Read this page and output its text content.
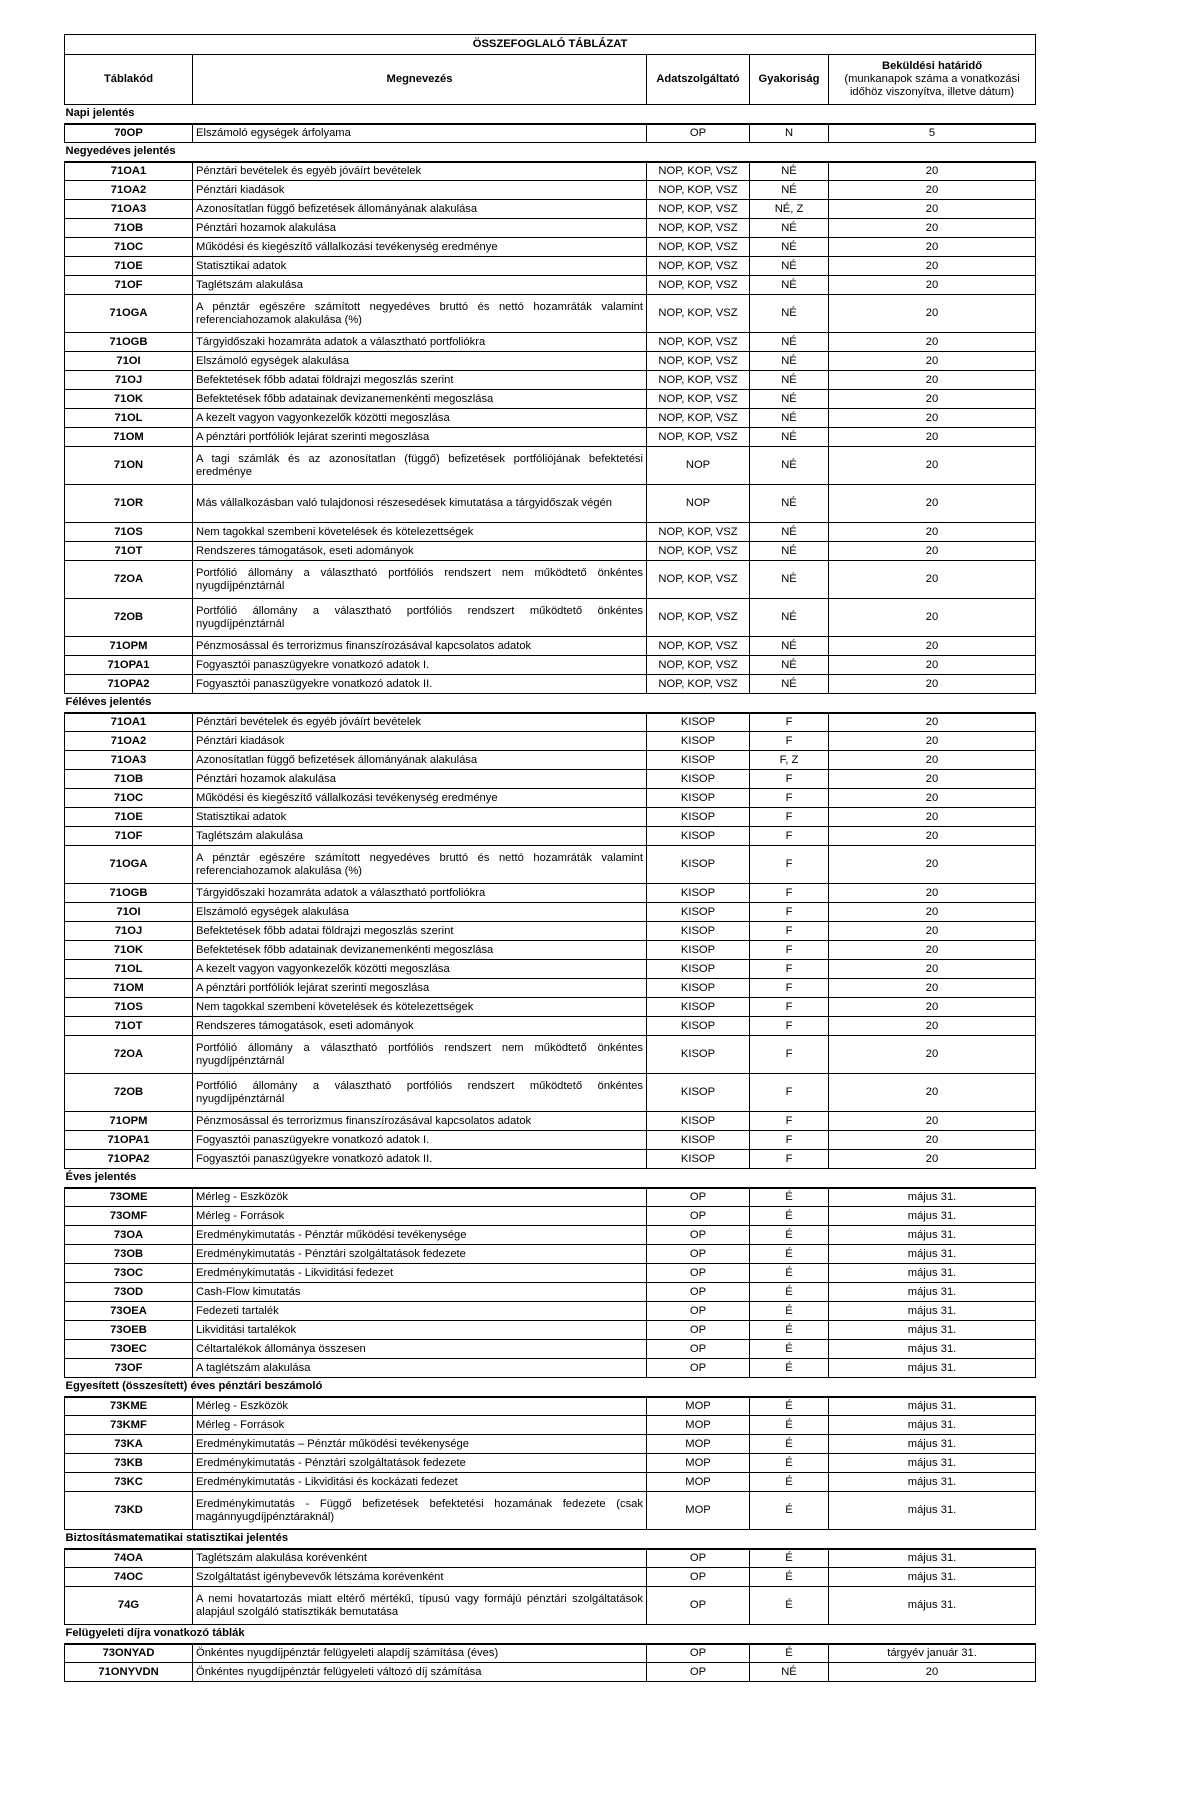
ÖSSZEFOGLALÓ TÁBLÁZAT				
Táblakód	Megnevezés	Adatszolgáltató	Gyakoriság	Beküldési határidő
(munkanapok száma a vonatkozási időhöz viszonyítva, illetve dátum)

Napi jelentés				
70OP	Elszámoló egységek árfolyama	OP	N	5
Negyedéves jelentés				
71OA1	Pénztári bevételek és egyéb jóváírt bevételek	NOP, KOP, VSZ	NÉ	20
71OA2	Pénztári kiadások	NOP, KOP, VSZ	NÉ	20
71OA3	Azonosítatlan függő befizetések állományának alakulása	NOP, KOP, VSZ	NÉ, Z	20
71OB	Pénztári hozamok alakulása	NOP, KOP, VSZ	NÉ	20
71OC	Működési és kiegészítő vállalkozási tevékenység eredménye	NOP, KOP, VSZ	NÉ	20
71OE	Statisztikai adatok	NOP, KOP, VSZ	NÉ	20
71OF	Taglétszám alakulása	NOP, KOP, VSZ	NÉ	20
71OGA	A pénztár egészére számított negyedéves bruttó és nettó hozamráták valamint referenciahozamok alakulása (%)	NOP, KOP, VSZ	NÉ	20
71OGB	Tárgyidőszaki hozamráta adatok a választható portfoliókra	NOP, KOP, VSZ	NÉ	20
71OI	Elszámoló egységek alakulása	NOP, KOP, VSZ	NÉ	20
71OJ	Befektetések főbb adatai földrajzi megoszlás szerint	NOP, KOP, VSZ	NÉ	20
71OK	Befektetések főbb adatainak devizanemenkénti megoszlása	NOP, KOP, VSZ	NÉ	20
71OL	A kezelt vagyon vagyonkezelők közötti megoszlása	NOP, KOP, VSZ	NÉ	20
71OM	A pénztári portfóliók lejárat szerinti megoszlása	NOP, KOP, VSZ	NÉ	20
71ON	A tagi számlák és az azonosítatlan (függő) befizetések portfóliójának befektetési eredménye	NOP	NÉ	20
71OR	Más vállalkozásban való tulajdonosi részesedések kimutatása a tárgyidőszak végén	NOP	NÉ	20
71OS	Nem tagokkal szembeni követelések és kötelezettségek	NOP, KOP, VSZ	NÉ	20
71OT	Rendszeres támogatások, eseti adományok	NOP, KOP, VSZ	NÉ	20
72OA	Portfólió állomány a választható portfóliós rendszert nem működtető önkéntes nyugdíjpénztárnál	NOP, KOP, VSZ	NÉ	20
72OB	Portfólió állomány a választható portfóliós rendszert működtető önkéntes nyugdíjpénztárnál	NOP, KOP, VSZ	NÉ	20
71OPM	Pénzmosással és terrorizmus finanszírozásával kapcsolatos adatok	NOP, KOP, VSZ	NÉ	20
71OPA1	Fogyasztói panaszügyekre vonatkozó adatok I.	NOP, KOP, VSZ	NÉ	20
71OPA2	Fogyasztói panaszügyekre vonatkozó adatok II.	NOP, KOP, VSZ	NÉ	20
Féléves jelentés				
71OA1	Pénztári bevételek és egyéb jóváírt bevételek	KISOP	F	20
71OA2	Pénztári kiadások	KISOP	F	20
71OA3	Azonosítatlan függő befizetések állományának alakulása	KISOP	F, Z	20
71OB	Pénztári hozamok alakulása	KISOP	F	20
71OC	Működési és kiegészítő vállalkozási tevékenység eredménye	KISOP	F	20
71OE	Statisztikai adatok	KISOP	F	20
71OF	Taglétszám alakulása	KISOP	F	20
71OGA	A pénztár egészére számított negyedéves bruttó és nettó hozamráták valamint referenciahozamok alakulása (%)	KISOP	F	20
71OGB	Tárgyidőszaki hozamráta adatok a választható portfoliókra	KISOP	F	20
71OI	Elszámoló egységek alakulása	KISOP	F	20
71OJ	Befektetések főbb adatai földrajzi megoszlás szerint	KISOP	F	20
71OK	Befektetések főbb adatainak devizanemenkénti megoszlása	KISOP	F	20
71OL	A kezelt vagyon vagyonkezelők közötti megoszlása	KISOP	F	20
71OM	A pénztári portfóliók lejárat szerinti megoszlása	KISOP	F	20
71OS	Nem tagokkal szembeni követelések és kötelezettségek	KISOP	F	20
71OT	Rendszeres támogatások, eseti adományok	KISOP	F	20
72OA	Portfólió állomány a választható portfóliós rendszert nem működtető önkéntes nyugdíjpénztárnál	KISOP	F	20
72OB	Portfólió állomány a választható portfóliós rendszert működtető önkéntes nyugdíjpénztárnál	KISOP	F	20
71OPM	Pénzmosással és terrorizmus finanszírozásával kapcsolatos adatok	KISOP	F	20
71OPA1	Fogyasztói panaszügyekre vonatkozó adatok I.	KISOP	F	20
71OPA2	Fogyasztói panaszügyekre vonatkozó adatok II.	KISOP	F	20
Éves jelentés				
73OME	Mérleg - Eszközök	OP	É	május 31.
73OMF	Mérleg - Források	OP	É	május 31.
73OA	Eredménykimutatás - Pénztár működési tevékenysége	OP	É	május 31.
73OB	Eredménykimutatás - Pénztári szolgáltatások fedezete	OP	É	május 31.
73OC	Eredménykimutatás - Likviditási fedezet	OP	É	május 31.
73OD	Cash-Flow kimutatás	OP	É	május 31.
73OEA	Fedezeti tartalék	OP	É	május 31.
73OEB	Likviditási tartalékok	OP	É	május 31.
73OEC	Céltartalékok állománya összesen	OP	É	május 31.
73OF	A taglétszám alakulása	OP	É	május 31.
Egyesített (összesített) éves pénztári beszámoló				
73KME	Mérleg - Eszközök	MOP	É	május 31.
73KMF	Mérleg - Források	MOP	É	május 31.
73KA	Eredménykimutatás – Pénztár működési tevékenysége	MOP	É	május 31.
73KB	Eredménykimutatás - Pénztári szolgáltatások fedezete	MOP	É	május 31.
73KC	Eredménykimutatás - Likviditási és kockázati fedezet	MOP	É	május 31.
73KD	Eredménykimutatás - Függő befizetések befektetési hozamának fedezete (csak magánnyugdíjpénztáraknál)	MOP	É	május 31.
Biztosításmatematikai statisztikai jelentés				
74OA	Taglétszám alakulása korévenként	OP	É	május 31.
74OC	Szolgáltatást igénybevevők létszáma korévenként	OP	É	május 31.
74G	A nemi hovatartozás miatt eltérő mértékű, típusú vagy formájú pénztári szolgáltatások alapjául szolgáló statisztikák bemutatása	OP	É	május 31.
Felügyeleti díjra vonatkozó táblák				
73ONYAD	Önkéntes nyugdíjpénztár felügyeleti alapdíj számítása (éves)	OP	É	tárgyév január 31.
71ONYVDN	Önkéntes nyugdíjpénztár felügyeleti változó díj számítása	OP	NÉ	20
